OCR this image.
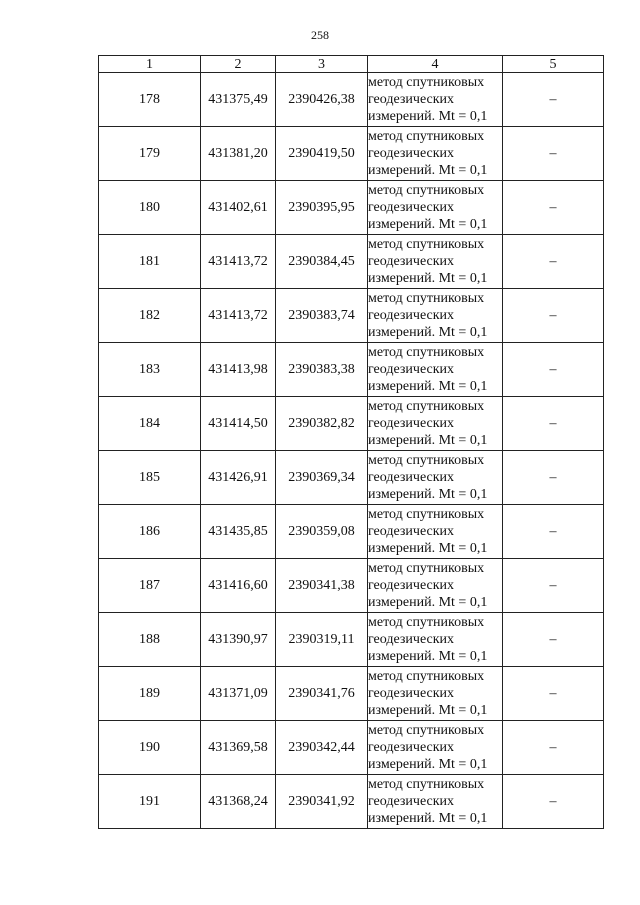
258
1	2	3	4	5
178	431375,49	2390426,38	метод спутниковых
геодезических
измерений. Mt = 0,1	–
179	431381,20	2390419,50	метод спутниковых
геодезических
измерений. Mt = 0,1	–
180	431402,61	2390395,95	метод спутниковых
геодезических
измерений. Mt = 0,1	–
181	431413,72	2390384,45	метод спутниковых
геодезических
измерений. Mt = 0,1	–
182	431413,72	2390383,74	метод спутниковых
геодезических
измерений. Mt = 0,1	–
183	431413,98	2390383,38	метод спутниковых
геодезических
измерений. Mt = 0,1	–
184	431414,50	2390382,82	метод спутниковых
геодезических
измерений. Mt = 0,1	–
185	431426,91	2390369,34	метод спутниковых
геодезических
измерений. Mt = 0,1	–
186	431435,85	2390359,08	метод спутниковых
геодезических
измерений. Mt = 0,1	–
187	431416,60	2390341,38	метод спутниковых
геодезических
измерений. Mt = 0,1	–
188	431390,97	2390319,11	метод спутниковых
геодезических
измерений. Mt = 0,1	–
189	431371,09	2390341,76	метод спутниковых
геодезических
измерений. Mt = 0,1	–
190	431369,58	2390342,44	метод спутниковых
геодезических
измерений. Mt = 0,1	–
191	431368,24	2390341,92	метод спутниковых
геодезических
измерений. Mt = 0,1	–
